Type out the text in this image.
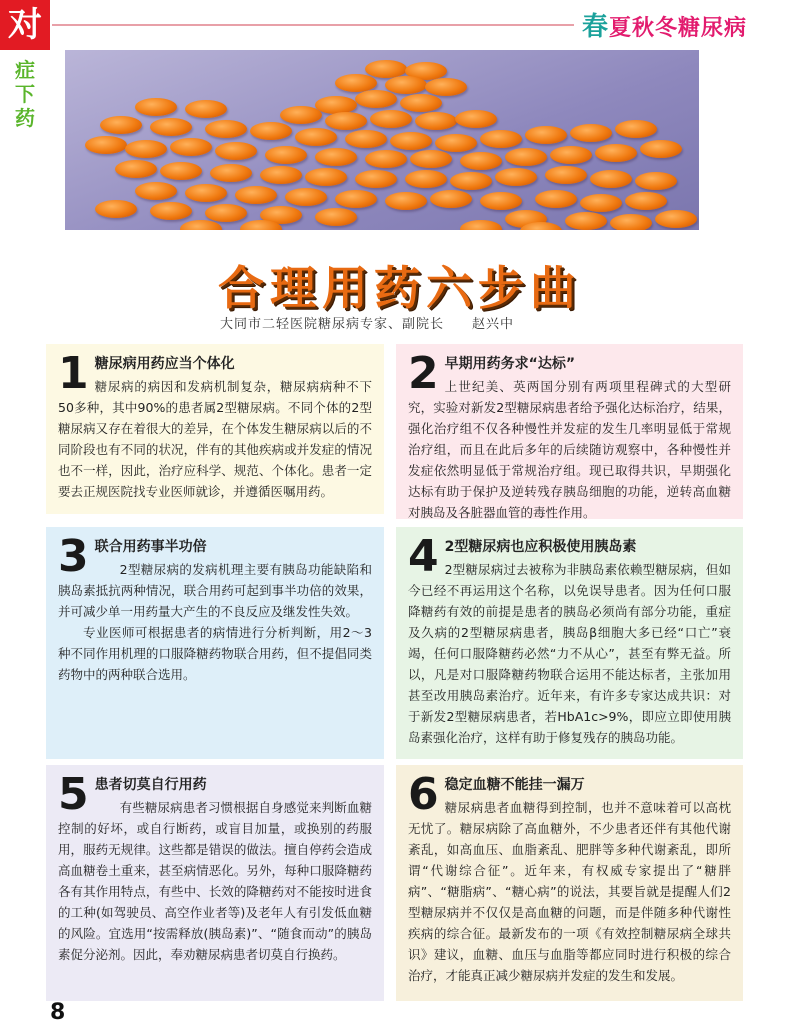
对
症
下
药
春夏秋冬糖尿病
合理用药六步曲
大同市二轻医院糖尿病专家、副院长　　赵兴中
1 糖尿病用药应当个体化

糖尿病的病因和发病机制复杂，糖尿病病种不下50多种，其中90%的患者属2型糖尿病。不同个体的2型糖尿病又存在着很大的差异，在个体发生糖尿病以后的不同阶段也有不同的状况，伴有的其他疾病或并发症的情况也不一样，因此，治疗应科学、规范、个体化。患者一定要去正规医院找专业医师就诊，并遵循医嘱用药。

2 早期用药务求“达标”

上世纪美、英两国分别有两项里程碑式的大型研究，实验对新发2型糖尿病患者给予强化达标治疗，结果，强化治疗组不仅各种慢性并发症的发生几率明显低于常规治疗组，而且在此后多年的后续随访观察中，各种慢性并发症依然明显低于常规治疗组。现已取得共识，早期强化达标有助于保护及逆转残存胰岛细胞的功能，逆转高血糖对胰岛及各脏器血管的毒性作用。

3 联合用药事半功倍

2型糖尿病的发病机理主要有胰岛功能缺陷和胰岛素抵抗两种情况，联合用药可起到事半功倍的效果，并可减少单一用药量大产生的不良反应及继发性失效。

专业医师可根据患者的病情进行分析判断，用2～3种不同作用机理的口服降糖药物联合用药，但不提倡同类药物中的两种联合选用。

4 2型糖尿病也应积极使用胰岛素

2型糖尿病过去被称为非胰岛素依赖型糖尿病，但如今已经不再运用这个名称，以免误导患者。因为任何口服降糖药有效的前提是患者的胰岛必须尚有部分功能，重症及久病的2型糖尿病患者，胰岛β细胞大多已经“口亡”衰竭，任何口服降糖药必然“力不从心”，甚至有弊无益。所以，凡是对口服降糖药物联合运用不能达标者，主张加用甚至改用胰岛素治疗。近年来，有许多专家达成共识：对于新发2型糖尿病患者，若HbA1c>9%，即应立即使用胰岛素强化治疗，这样有助于修复残存的胰岛功能。

5 患者切莫自行用药

有些糖尿病患者习惯根据自身感觉来判断血糖控制的好坏，或自行断药，或盲目加量，或换别的药服用，服药无规律。这些都是错误的做法。擅自停药会造成高血糖卷土重来，甚至病情恶化。另外，每种口服降糖药各有其作用特点，有些中、长效的降糖药对不能按时进食的工种(如驾驶员、高空作业者等)及老年人有引发低血糖的风险。宜选用“按需释放(胰岛素)”、“随食而动”的胰岛素促分泌剂。因此，奉劝糖尿病患者切莫自行换药。

6 稳定血糖不能挂一漏万

糖尿病患者血糖得到控制，也并不意味着可以高枕无忧了。糖尿病除了高血糖外，不少患者还伴有其他代谢紊乱，如高血压、血脂紊乱、肥胖等多种代谢紊乱，即所谓“代谢综合征”。近年来，有权威专家提出了“糖胖病”、“糖脂病”、“糖心病”的说法，其要旨就是提醒人们2型糖尿病并不仅仅是高血糖的问题，而是伴随多种代谢性疾病的综合征。最新发布的一项《有效控制糖尿病全球共识》建议，血糖、血压与血脂等都应同时进行积极的综合治疗，才能真正减少糖尿病并发症的发生和发展。

8
